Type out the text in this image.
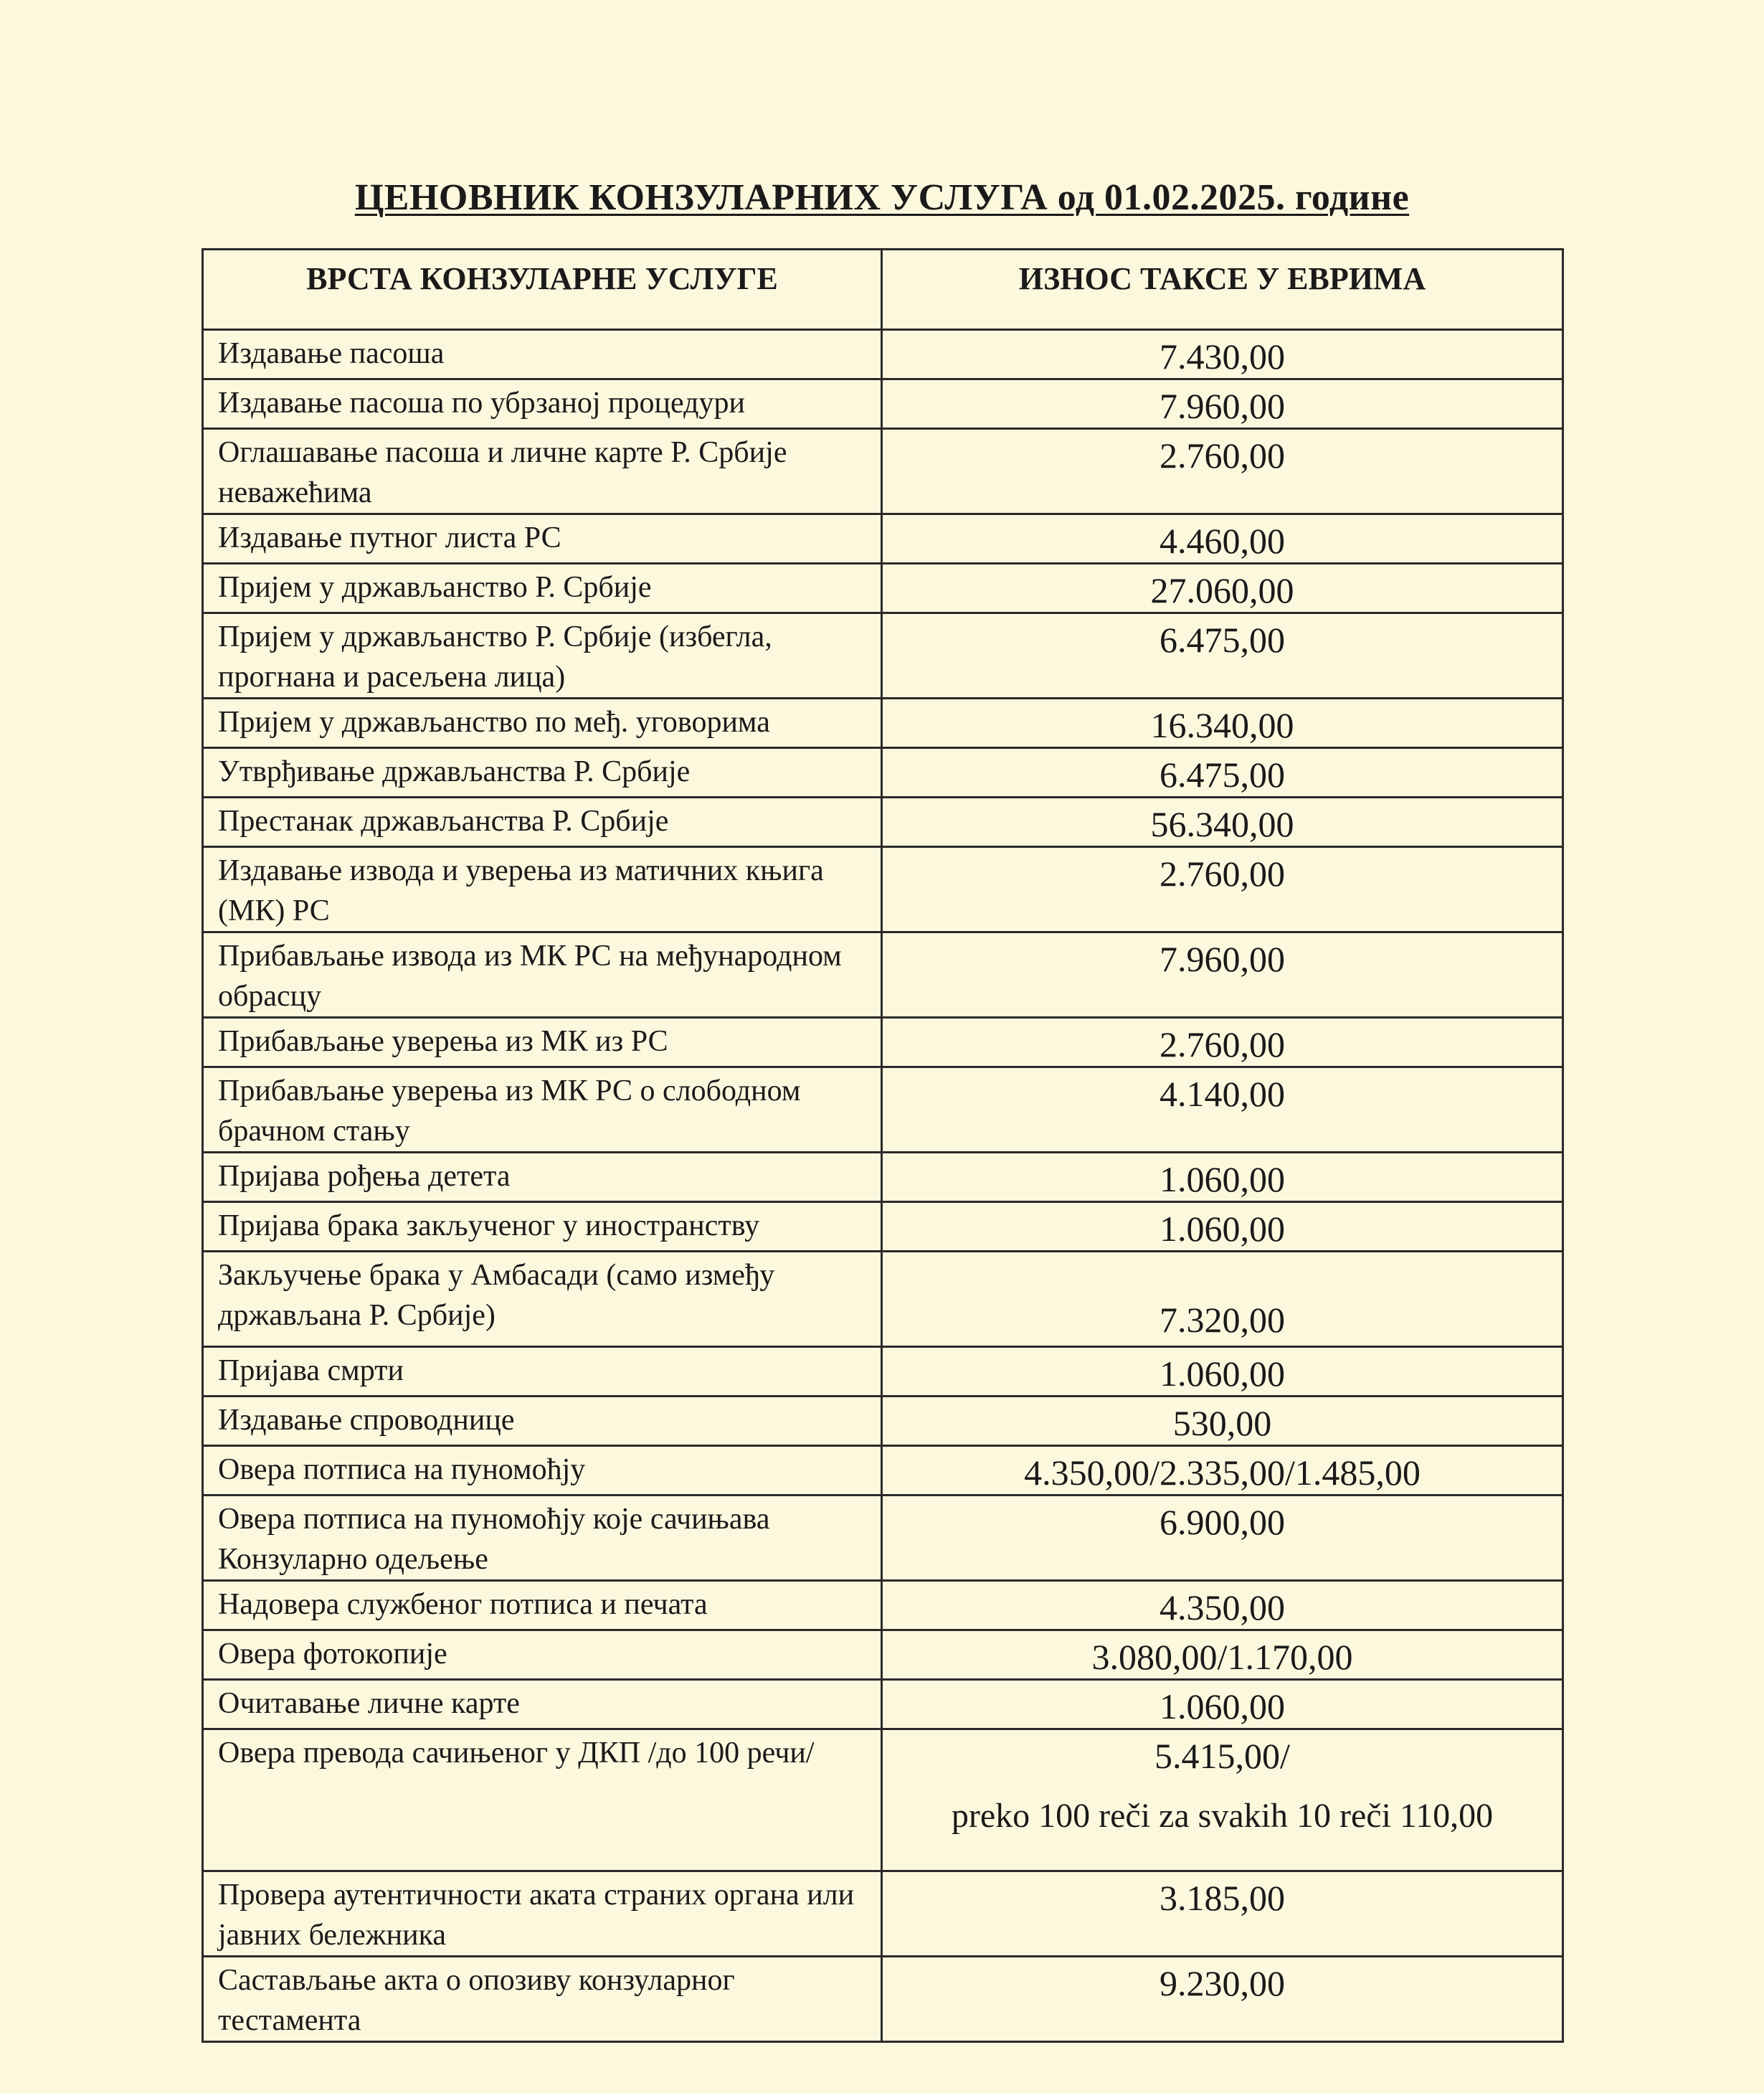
ЦЕНОВНИК КОНЗУЛАРНИХ УСЛУГА од 01.02.2025. године
ВРСТА КОНЗУЛАРНЕ УСЛУГЕ	ИЗНОС ТАКСЕ У ЕВРИМА
Издавање пасоша	7.430,00
Издавање пасоша по убрзаној процедури	7.960,00
Оглашавање пасоша и личне карте Р. Србије неважећима	2.760,00
Издавање путног листа РС	4.460,00
Пријем у држављанство Р. Србије	27.060,00
Пријем у држављанство Р. Србије (избегла, прогнана и расељена лица)	6.475,00
Пријем у држављанство по међ. уговорима	16.340,00
Утврђивање држављанства Р. Србије	6.475,00
Престанак држављанства Р. Србије	56.340,00
Издавање извода и уверења из матичних књига (МК) РС	2.760,00
Прибављање извода из МК РС на међународном обрасцу	7.960,00
Прибављање уверења из МК из РС	2.760,00
Прибављање уверења из МК РС о слободном брачном стању	4.140,00
Пријава рођења детета	1.060,00
Пријава брака закљученог у иностранству	1.060,00
Закључење брака у Амбасади (само између држављана Р. Србије)	7.320,00
Пријава смрти	1.060,00
Издавање спроводнице	530,00
Овера потписа на пуномоћју	4.350,00/2.335,00/1.485,00
Овера потписа на пуномоћју које сачињава Конзуларно одељење	6.900,00
Надовера службеног потписа и печата	4.350,00
Овера фотокопије	3.080,00/1.170,00
Очитавање личне карте	1.060,00
Овера превода сачињеног у ДКП /до 100 речи/	5.415,00/
preko 100 reči za svakih 10 reči 110,00

Провера аутентичности аката страних органа или јавних бележника	3.185,00
Састављање акта о опозиву конзуларног тестамента	9.230,00
